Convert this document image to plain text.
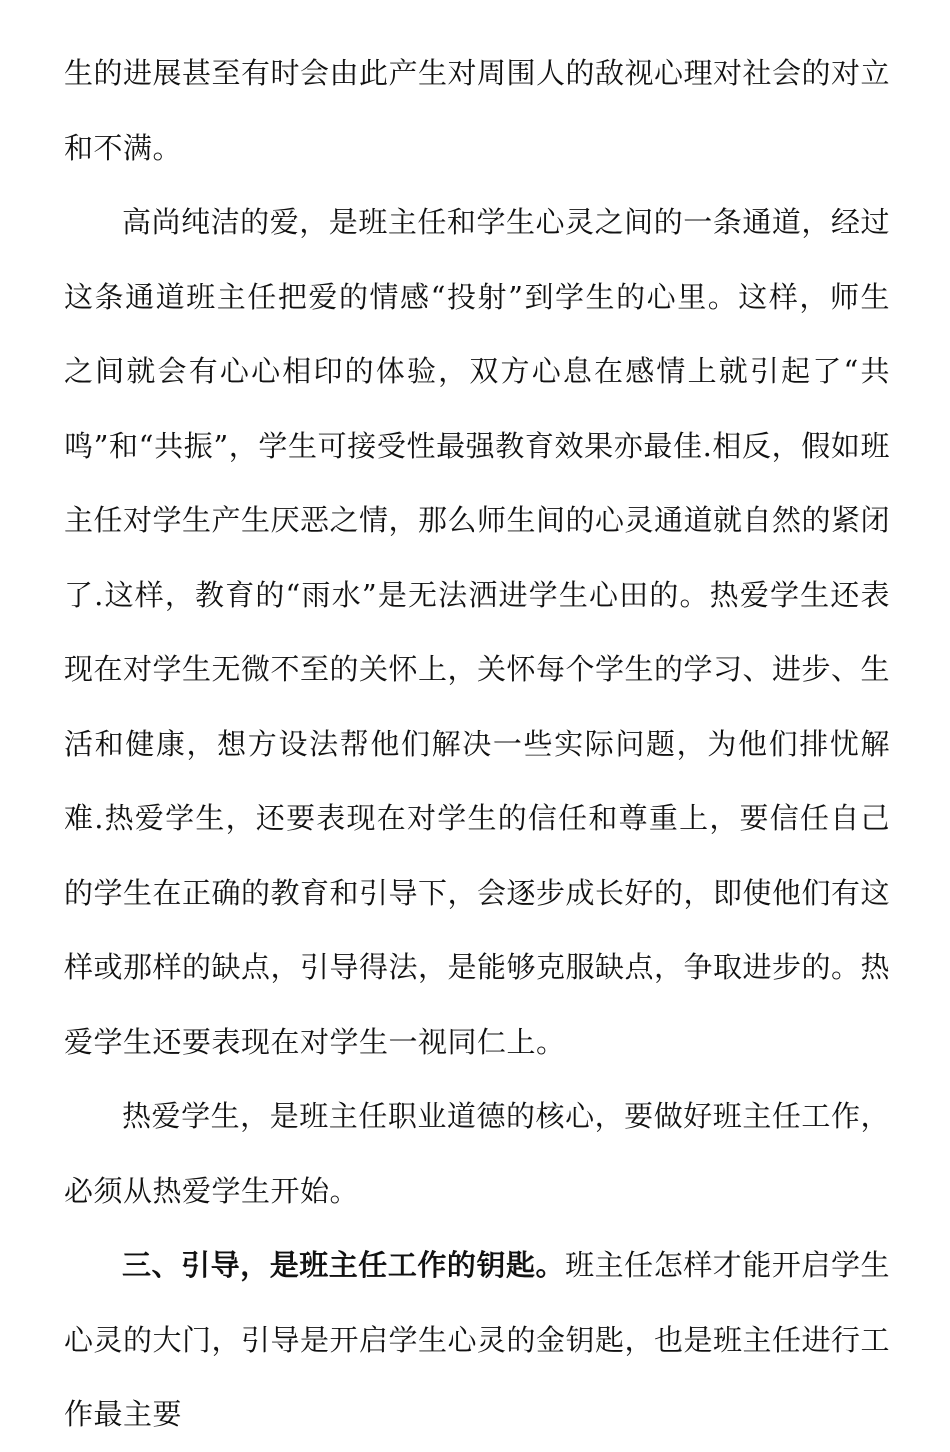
生的进展甚至有时会由此产生对周围人的敌视心理对社会的对立和不满。

高尚纯洁的爱，是班主任和学生心灵之间的一条通道，经过这条通道班主任把爱的情感“投射”到学生的心里。这样，师生之间就会有心心相印的体验，双方心息在感情上就引起了“共鸣”和“共振”，学生可接受性最强教育效果亦最佳.相反，假如班主任对学生产生厌恶之情，那么师生间的心灵通道就自然的紧闭了.这样，教育的“雨水”是无法洒进学生心田的。热爱学生还表现在对学生无微不至的关怀上，关怀每个学生的学习、进步、生活和健康，想方设法帮他们解决一些实际问题，为他们排忧解难.热爱学生，还要表现在对学生的信任和尊重上，要信任自己的学生在正确的教育和引导下，会逐步成长好的，即使他们有这样或那样的缺点，引导得法，是能够克服缺点，争取进步的。热爱学生还要表现在对学生一视同仁上。

热爱学生，是班主任职业道德的核心，要做好班主任工作，必须从热爱学生开始。

三、引导，是班主任工作的钥匙。班主任怎样才能开启学生心灵的大门，引导是开启学生心灵的金钥匙，也是班主任进行工作最主要
